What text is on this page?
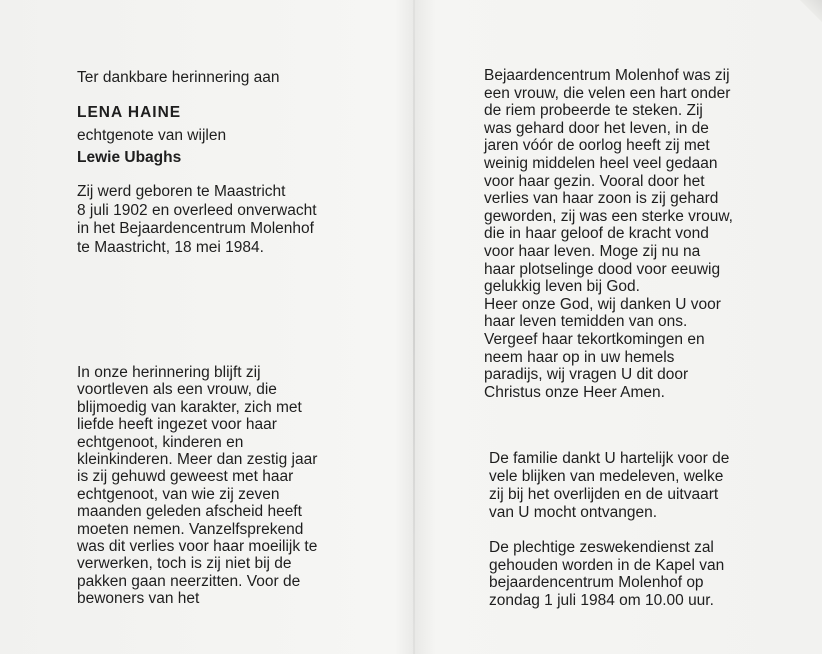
Ter dankbare herinnering aan
LENA HAINE
echtgenote van wijlen
Lewie Ubaghs
Zij werd geboren te Maastricht
8 juli 1902 en overleed onverwacht
in het Bejaardencentrum Molenhof
te Maastricht, 18 mei 1984.
In onze herinnering blijft zij
voortleven als een vrouw, die
blijmoedig van karakter, zich met
liefde heeft ingezet voor haar
echtgenoot, kinderen en
kleinkinderen. Meer dan zestig jaar
is zij gehuwd geweest met haar
echtgenoot, van wie zij zeven
maanden geleden afscheid heeft
moeten nemen. Vanzelfsprekend
was dit verlies voor haar moeilijk te
verwerken, toch is zij niet bij de
pakken gaan neerzitten. Voor de
bewoners van het
Bejaardencentrum Molenhof was zij
een vrouw, die velen een hart onder
de riem probeerde te steken. Zij
was gehard door het leven, in de
jaren vóór de oorlog heeft zij met
weinig middelen heel veel gedaan
voor haar gezin. Vooral door het
verlies van haar zoon is zij gehard
geworden, zij was een sterke vrouw,
die in haar geloof de kracht vond
voor haar leven. Moge zij nu na
haar plotselinge dood voor eeuwig
gelukkig leven bij God.
Heer onze God, wij danken U voor
haar leven temidden van ons.
Vergeef haar tekortkomingen en
neem haar op in uw hemels
paradijs, wij vragen U dit door
Christus onze Heer Amen.
De familie dankt U hartelijk voor de
vele blijken van medeleven, welke
zij bij het overlijden en de uitvaart
van U mocht ontvangen.
De plechtige zeswekendienst zal
gehouden worden in de Kapel van
bejaardencentrum Molenhof op
zondag 1 juli 1984 om 10.00 uur.
